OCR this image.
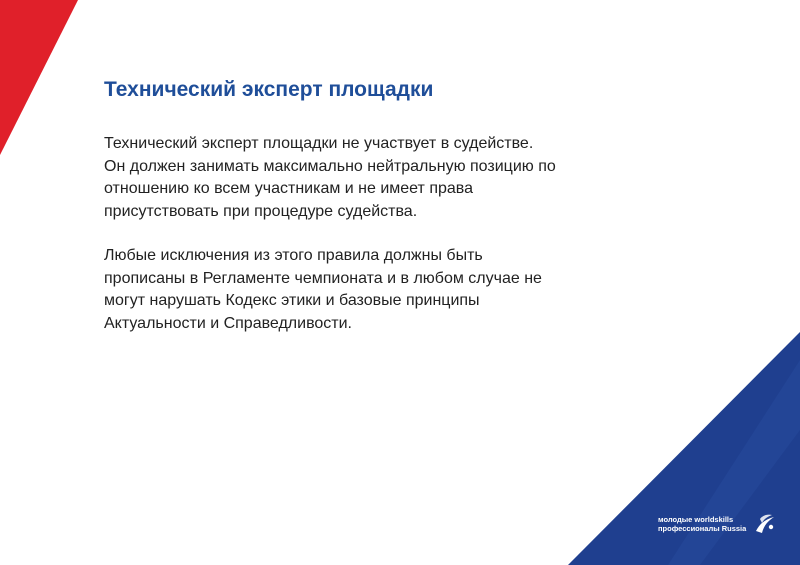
Технический эксперт площадки

Технический эксперт площадки не участвует в судействе.
Он должен занимать максимально нейтральную позицию по
отношению ко всем участникам и не имеет права
присутствовать при процедуре судейства.

Любые исключения из этого правила должны быть
прописаны в Регламенте чемпионата и в любом случае не
могут нарушать Кодекс этики и базовые принципы
Актуальности и Справедливости.

молодые worldskills
профессионалы Russia
